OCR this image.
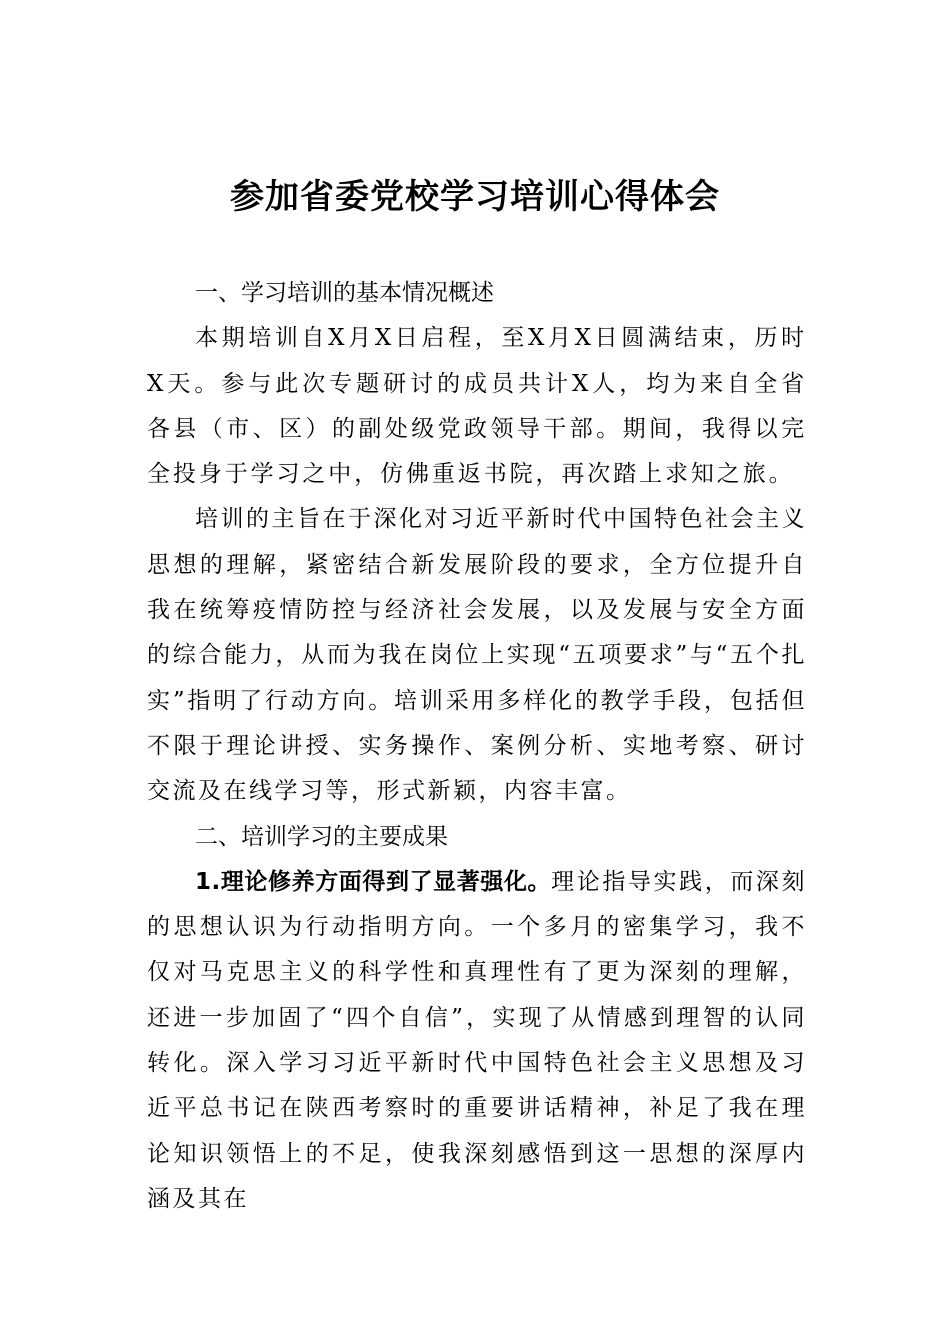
参加省委党校学习培训心得体会
一、学习培训的基本情况概述

本期培训自X月X日启程，至X月X日圆满结束，历时X天。参与此次专题研讨的成员共计X人，均为来自全省各县（市、区）的副处级党政领导干部。期间，我得以完全投身于学习之中，仿佛重返书院，再次踏上求知之旅。

培训的主旨在于深化对习近平新时代中国特色社会主义思想的理解，紧密结合新发展阶段的要求，全方位提升自我在统筹疫情防控与经济社会发展，以及发展与安全方面的综合能力，从而为我在岗位上实现“五项要求”与“五个扎实”指明了行动方向。培训采用多样化的教学手段，包括但不限于理论讲授、实务操作、案例分析、实地考察、研讨交流及在线学习等，形式新颖，内容丰富。

二、培训学习的主要成果

1.理论修养方面得到了显著强化。理论指导实践，而深刻的思想认识为行动指明方向。一个多月的密集学习，我不仅对马克思主义的科学性和真理性有了更为深刻的理解，还进一步加固了“四个自信”，实现了从情感到理智的认同转化。深入学习习近平新时代中国特色社会主义思想及习近平总书记在陕西考察时的重要讲话精神，补足了我在理论知识领悟上的不足，使我深刻感悟到这一思想的深厚内涵及其在
